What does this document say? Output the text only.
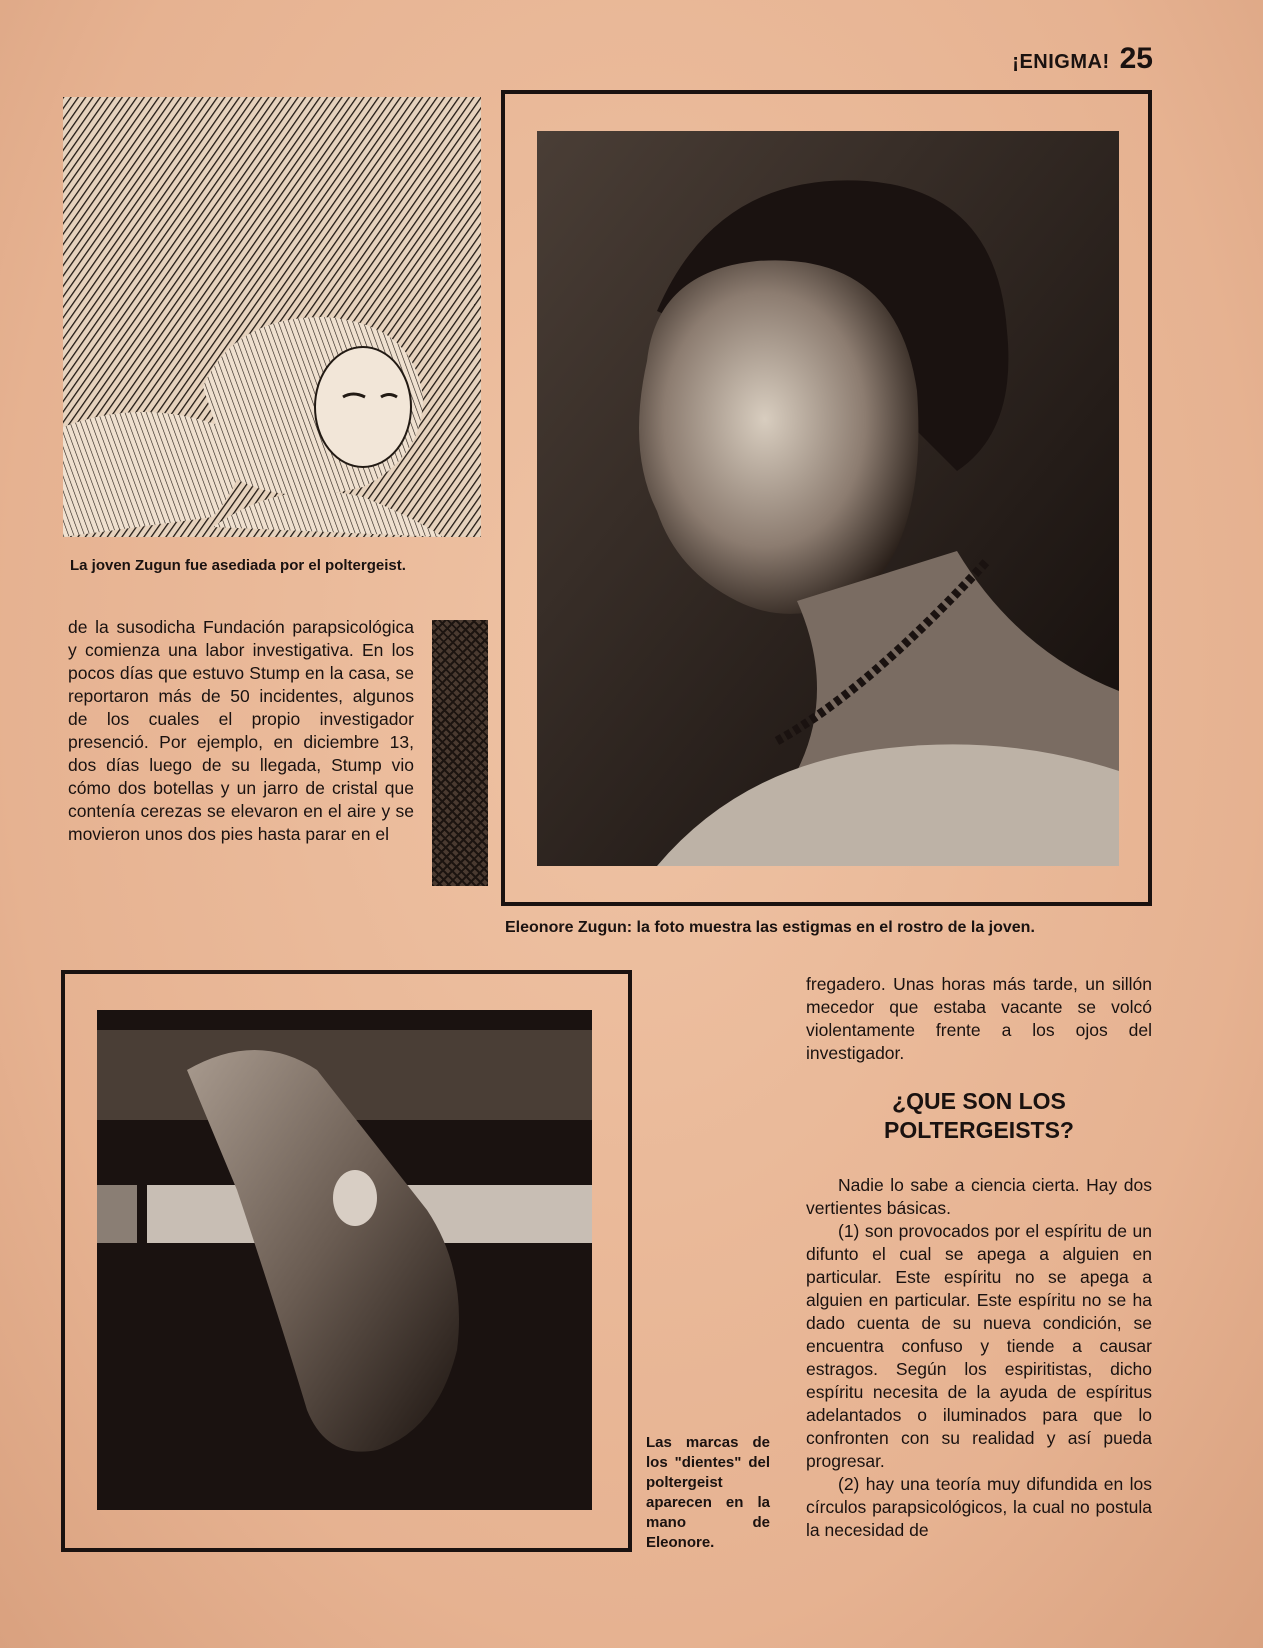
¡ENIGMA! 25
La joven Zugun fue asediada por el poltergeist.

de la susodicha Fundación parapsicológica y comienza una labor investigativa. En los pocos días que estuvo Stump en la casa, se reportaron más de 50 incidentes, algunos de los cuales el propio investigador presenció. Por ejemplo, en diciembre 13, dos días luego de su llegada, Stump vio cómo dos botellas y un jarro de cristal que contenía cerezas se elevaron en el aire y se movieron unos dos pies hasta parar en el

Eleonore Zugun: la foto muestra las estigmas en el rostro de la joven.
Las marcas de los "dientes" del poltergeist aparecen en la mano de Eleonore.

fregadero. Unas horas más tarde, un sillón mecedor que estaba vacante se volcó violentamente frente a los ojos del investigador.

¿QUE SON LOS
POLTERGEISTS?

Nadie lo sabe a ciencia cierta. Hay dos vertientes básicas.

(1) son provocados por el espíritu de un difunto el cual se apega a alguien en particular. Este espíritu no se apega a alguien en particular. Este espíritu no se ha dado cuenta de su nueva condición, se encuentra confuso y tiende a causar estragos. Según los espiritistas, dicho espíritu necesita de la ayuda de espíritus adelantados o iluminados para que lo confronten con su realidad y así pueda progresar.

(2) hay una teoría muy difundida en los círculos parapsicológicos, la cual no postula la necesidad de
